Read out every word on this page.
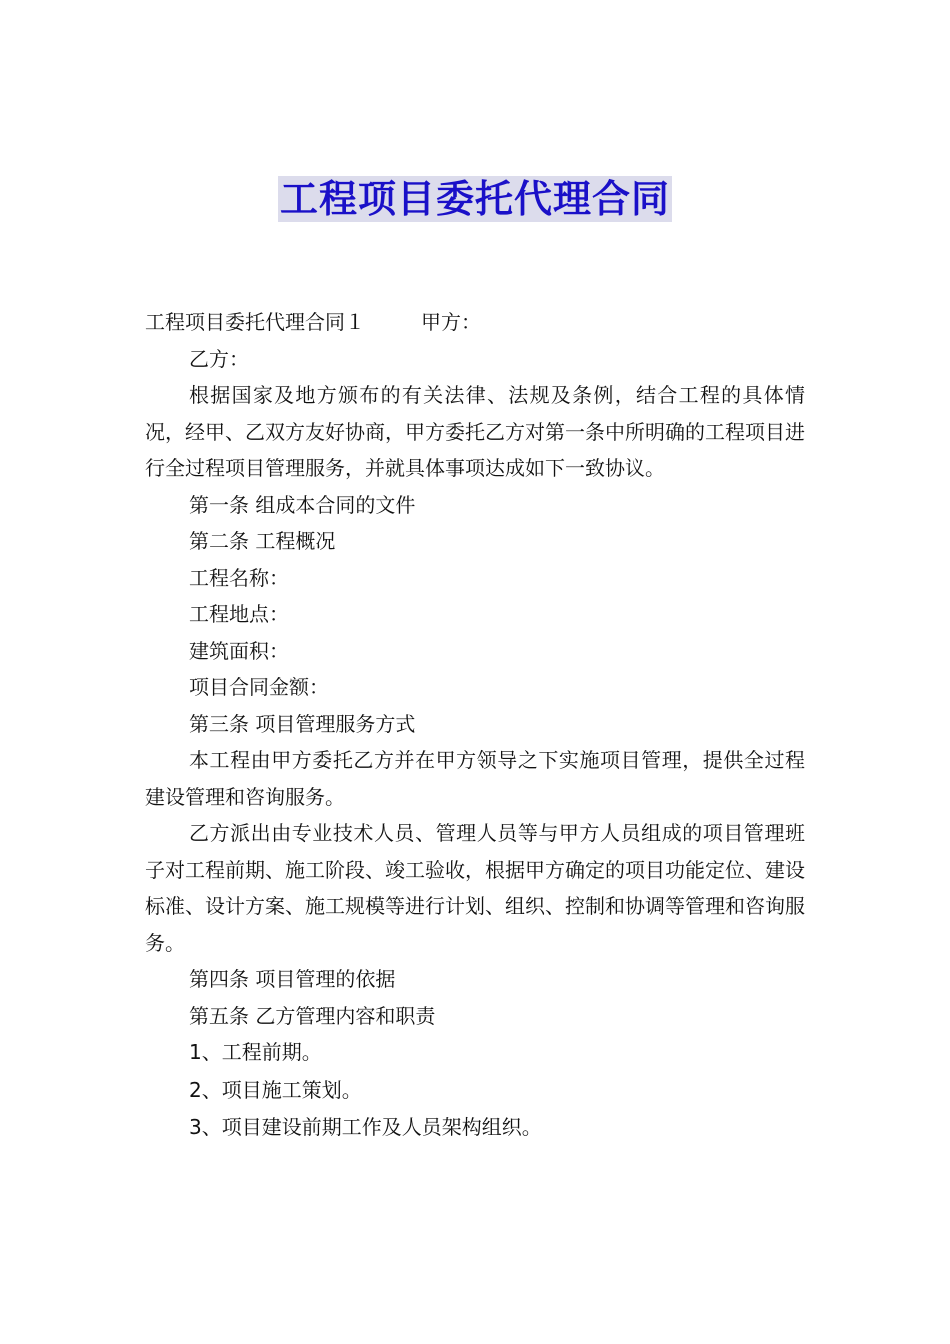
工程项目委托代理合同

工程项目委托代理合同１	甲方：

乙方：

根据国家及地方颁布的有关法律、法规及条例，结合工程的具体情况，经甲、乙双方友好协商，甲方委托乙方对第一条中所明确的工程项目进行全过程项目管理服务，并就具体事项达成如下一致协议。

第一条 组成本合同的文件

第二条 工程概况

工程名称：

工程地点：

建筑面积：

项目合同金额：

第三条 项目管理服务方式

本工程由甲方委托乙方并在甲方领导之下实施项目管理，提供全过程建设管理和咨询服务。

乙方派出由专业技术人员、管理人员等与甲方人员组成的项目管理班子对工程前期、施工阶段、竣工验收，根据甲方确定的项目功能定位、建设标准、设计方案、施工规模等进行计划、组织、控制和协调等管理和咨询服务。

第四条 项目管理的依据

第五条 乙方管理内容和职责

1、工程前期。

2、项目施工策划。

3、项目建设前期工作及人员架构组织。
